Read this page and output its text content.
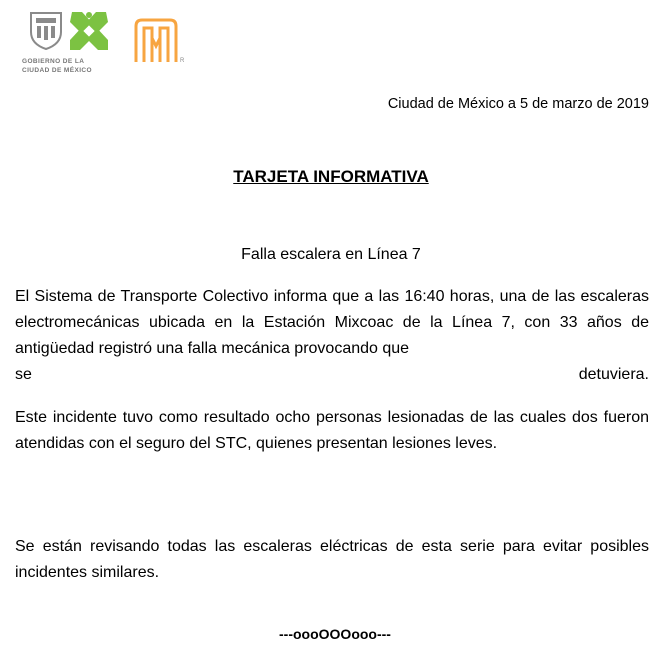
GOBIERNO DE LA
CIUDAD DE MÉXICO
R
Ciudad de México a 5 de marzo de 2019
TARJETA INFORMATIVA
Falla escalera en Línea 7
El Sistema de Transporte Colectivo informa que a las 16:40 horas, una de las escaleras electromecánicas ubicada en la Estación Mixcoac de la Línea 7, con 33 años de antigüedad registró una falla mecánica provocando que
se	detuviera.
Este incidente tuvo como resultado ocho personas lesionadas de las cuales dos fueron atendidas con el seguro del STC, quienes presentan lesiones leves.
Se están revisando todas las escaleras eléctricas de esta serie para evitar posibles incidentes similares.
---oooOOOooo---
